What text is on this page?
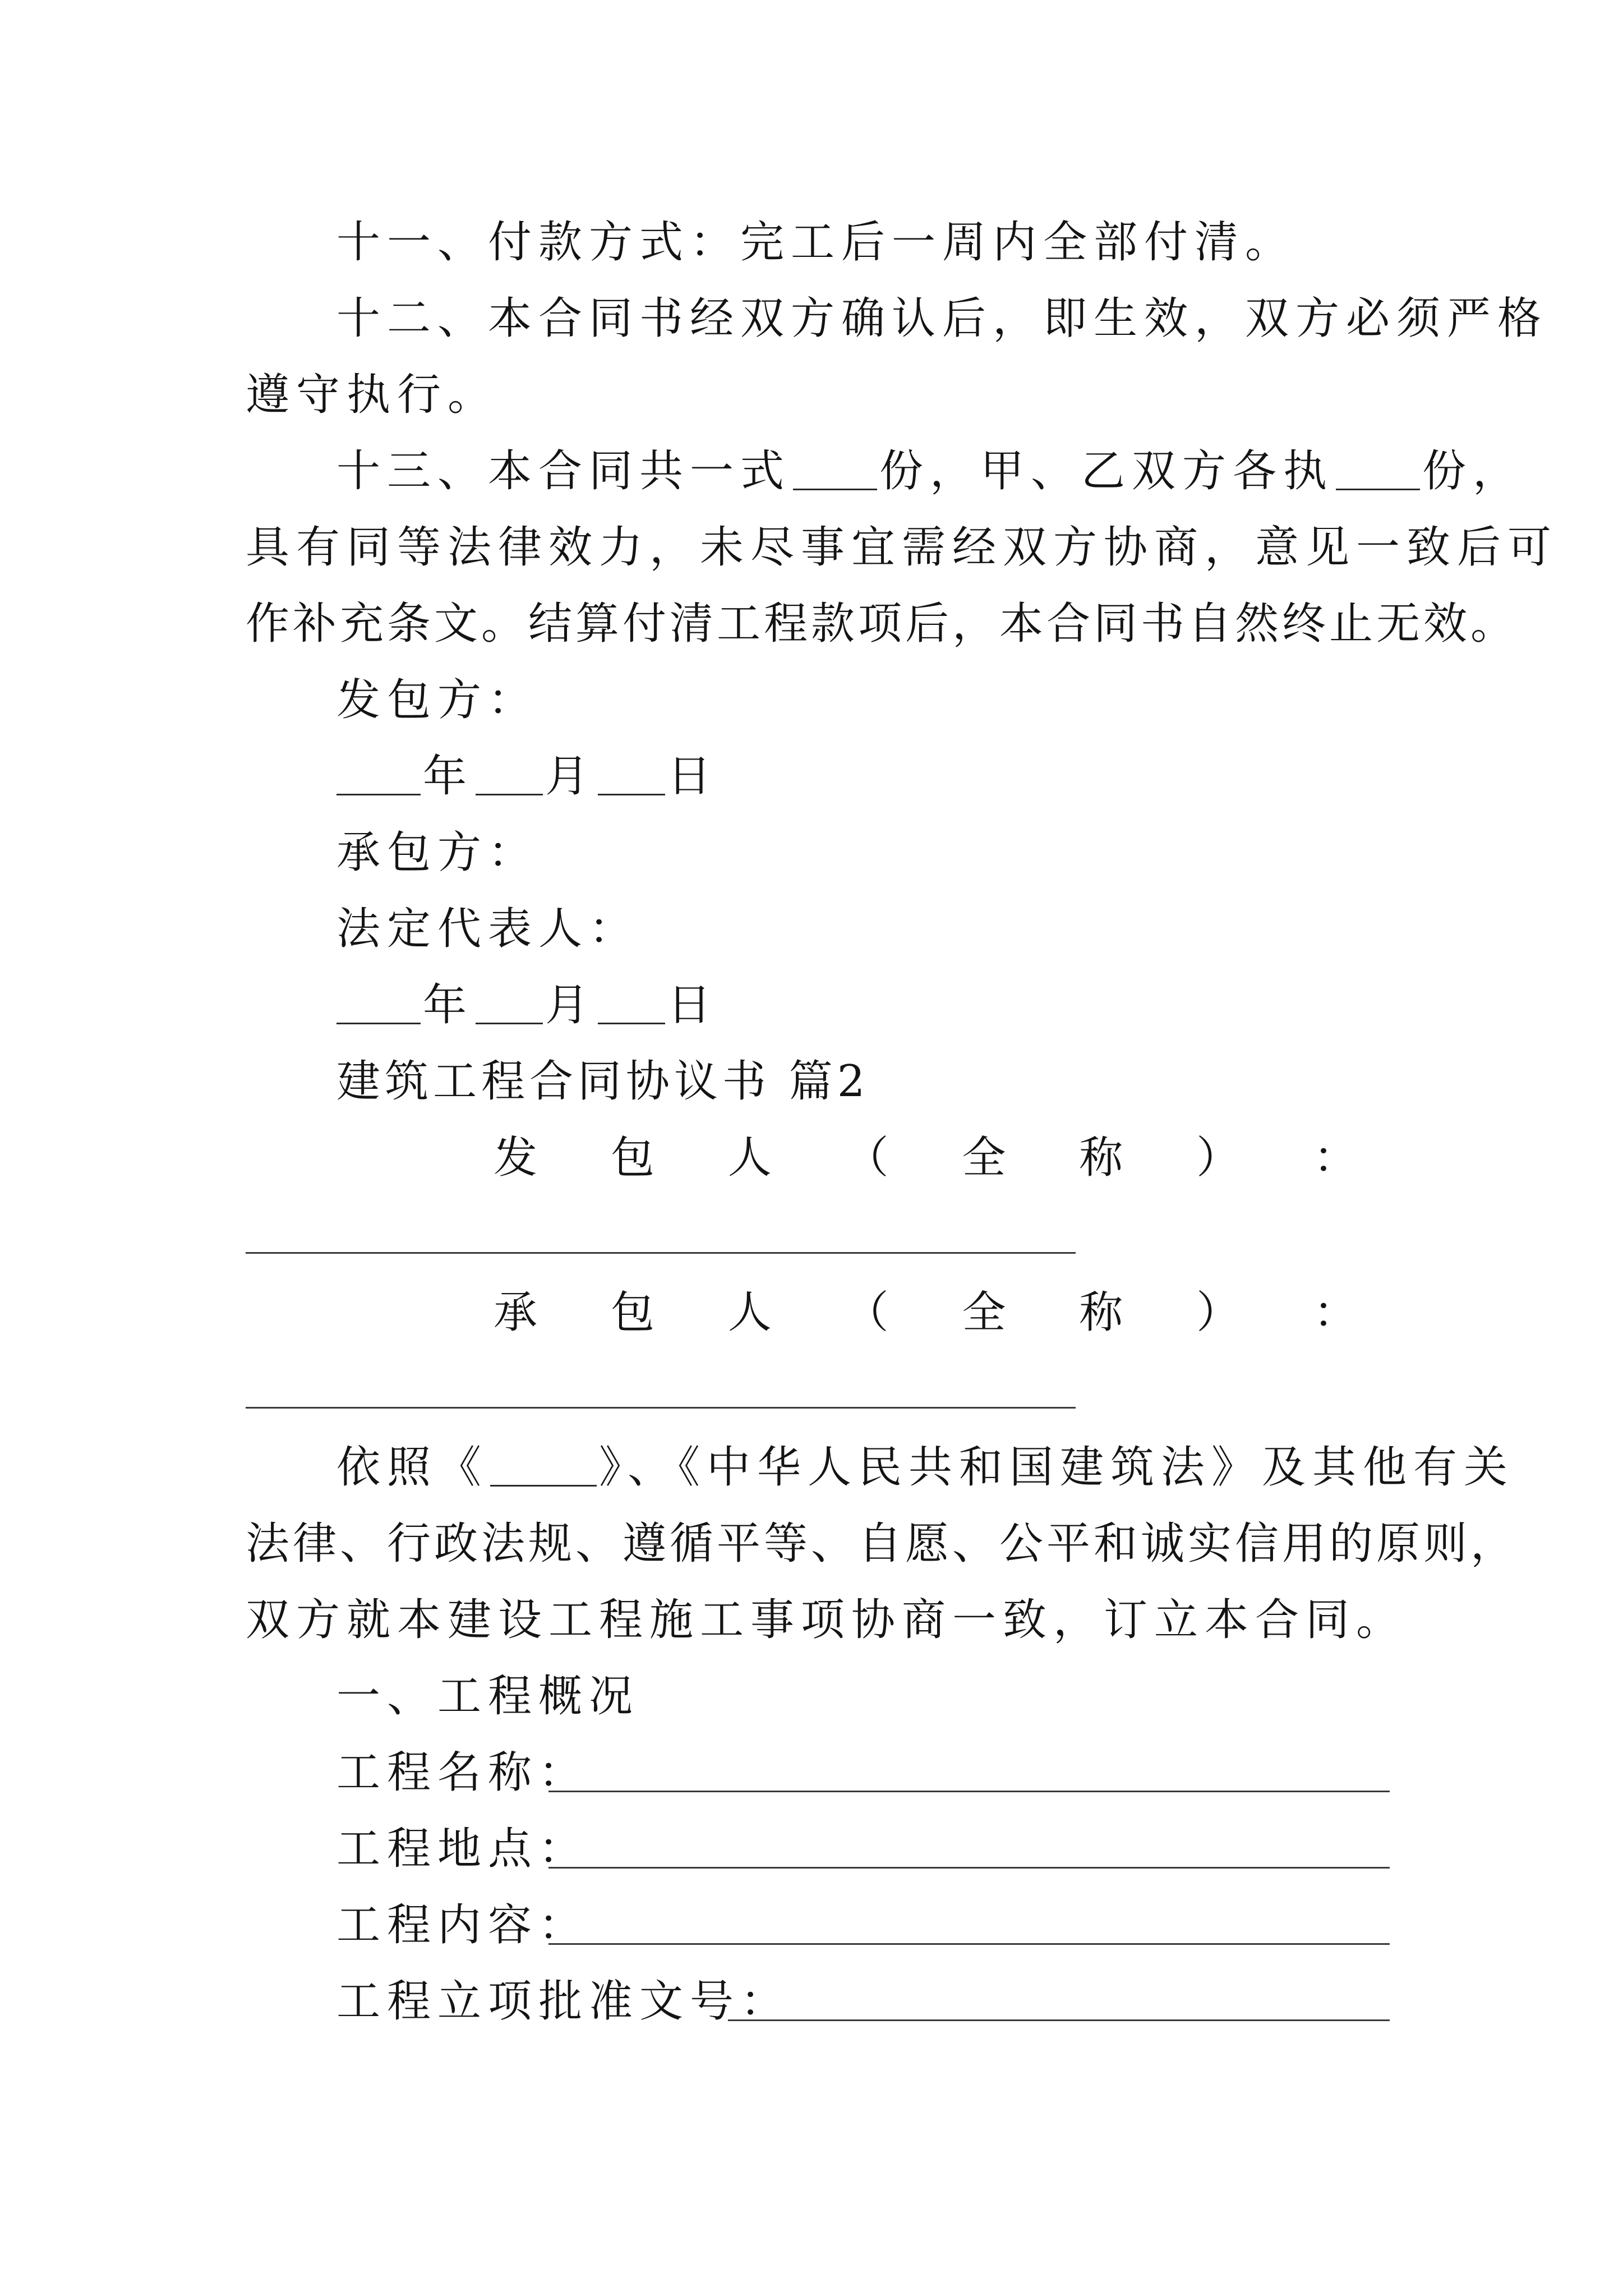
十一、付款方式：完工后一周内全部付清。
十二、本合同书经双方确认后，即生效，双方必须严格
遵守执行。
十三、本合同共一式 份，甲、乙双方各执 份，
具有同等法律效力，未尽事宜需经双方协商，意见一致后可
作补充条文。结算付清工程款项后，本合同书自然终止无效。
发包方：
年 月 日
承包方：
法定代表人：
年 月 日
建筑工程合同协议书 篇2
发 包 人 （ 全 称 ） ：
承 包 人 （ 全 称 ） ：
依照《	》、《中华人民共和国建筑法》及其他有关
法律、行政法规、遵循平等、自愿、公平和诚实信用的原则，
双方就本建设工程施工事项协商一致，订立本合同。
一、工程概况
工程名称：
工程地点：
工程内容：
工程立项批准文号：
